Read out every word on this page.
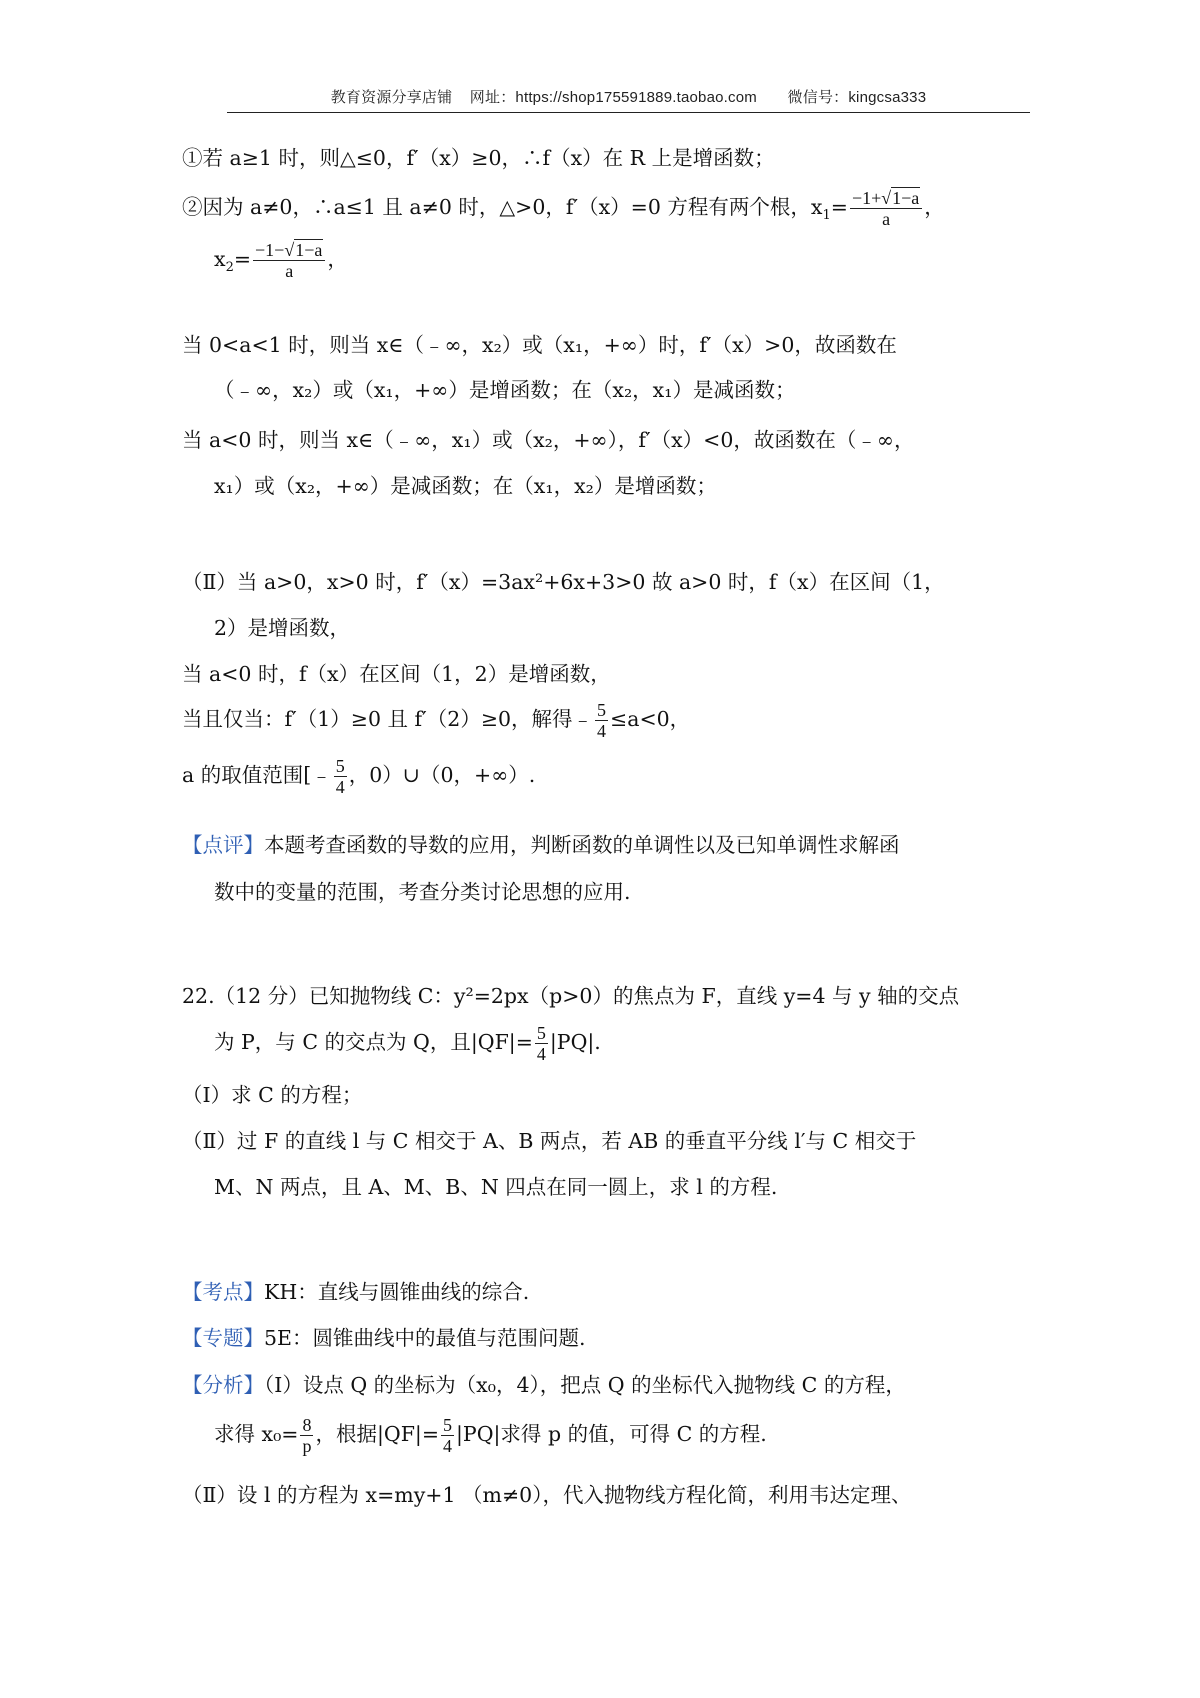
教育资源分享店铺    网址：https://shop175591889.taobao.com       微信号：kingcsa333
①若 a≥1 时，则△≤0，f′（x）≥0，∴f（x）在 R 上是增函数；
②因为 a≠0，∴a≤1 且 a≠0 时，△>0，f′（x）=0 方程有两个根，$x_1= \frac{-1+√1-a}{a}$ ，
$x_2= \frac{-1-√1-a}{a}$ ，
当 0<a<1 时，则当 x∈（﹣∞，x₂）或（x₁，+∞）时，f′（x）>0，故函数在
（﹣∞，x₂）或（x₁，+∞）是增函数；在（x₂，x₁）是减函数；
当 a<0 时，则当 x∈（﹣∞，x₁）或（x₂，+∞），f′（x）<0，故函数在（﹣∞，
x₁）或（x₂，+∞）是减函数；在（x₁，x₂）是增函数；
（Ⅱ）当 a>0，x>0 时，f′（x）=3ax²+6x+3>0 故 a>0 时，f（x）在区间（1，
2）是增函数，
当 a<0 时，f（x）在区间（1，2）是增函数，
当且仅当：f′（1）≥0 且 f′（2）≥0，解得﹣ $\frac{5}{4} \le a<0$，
a 的取值范围[﹣ $\frac{5}{4}$ ，0）∪（0，+∞）.
【点评】本题考查函数的导数的应用，判断函数的单调性以及已知单调性求解函
数中的变量的范围，考查分类讨论思想的应用.
22.（12 分）已知抛物线 C：y²=2px（p>0）的焦点为 F，直线 y=4 与 y 轴的交点
为 P，与 C 的交点为 Q，且$|QF|= \frac{5}{4} |PQ|$.
（Ⅰ）求 C 的方程；
（Ⅱ）过 F 的直线 l 与 C 相交于 A、B 两点，若 AB 的垂直平分线 l′与 C 相交于
M、N 两点，且 A、M、B、N 四点在同一圆上，求 l 的方程.
【考点】KH：直线与圆锥曲线的综合.
【专题】5E：圆锥曲线中的最值与范围问题.
【分析】（Ⅰ）设点 Q 的坐标为（x₀，4），把点 Q 的坐标代入抛物线 C 的方程，
求得 $x_0= \frac{8}{p}$ ，根据$|QF|= \frac{5}{4} |PQ|$求得 p 的值，可得 C 的方程.
（Ⅱ）设 l 的方程为 x=my+1 （m≠0），代入抛物线方程化简，利用韦达定理、
